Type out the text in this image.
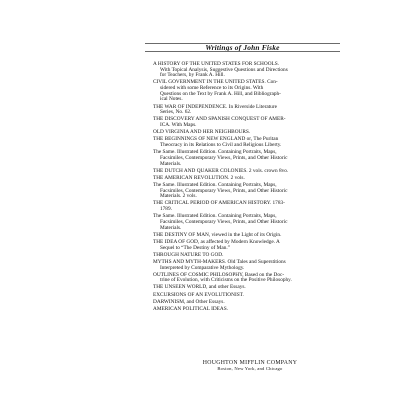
Writings of John Fiske
A HISTORY OF THE UNITED STATES FOR SCHOOLS.
With Topical Analysis, Suggestive Questions and Directions
for Teachers, by Frank A. Hill.
CIVIL GOVERNMENT IN THE UNITED STATES. Con-
sidered with some Reference to its Origins. With
Questions on the Text by Frank A. Hill, and Bibliograph-
ical Notes.
THE WAR OF INDEPENDENCE. In Riverside Literature
Series, No. 62.
THE DISCOVERY AND SPANISH CONQUEST OF AMER-
ICA. With Maps.
OLD VIRGINIA AND HER NEIGHBOURS.
THE BEGINNINGS OF NEW ENGLAND or, The Puritan
Theocracy in its Relations to Civil and Religious Liberty.
The Same. Illustrated Edition. Containing Portraits, Maps,
Facsimiles, Contemporary Views, Prints, and Other Historic
Materials.
THE DUTCH AND QUAKER COLONIES. 2 vols. crown 8vo.
THE AMERICAN REVOLUTION. 2 vols.
The Same. Illustrated Edition. Containing Portraits, Maps,
Facsimiles, Contemporary Views, Prints, and Other Historic
Materials. 2 vols.
THE CRITICAL PERIOD OF AMERICAN HISTORY. 1783-
1789.
The Same. Illustrated Edition. Containing Portraits, Maps,
Facsimiles, Contemporary Views, Prints, and Other Historic
Materials.
THE DESTINY OF MAN, viewed in the Light of its Origin.
THE IDEA OF GOD, as affected by Modern Knowledge. A
Sequel to “The Destiny of Man.”
THROUGH NATURE TO GOD.
MYTHS AND MYTH-MAKERS. Old Tales and Superstitions
Interpreted by Comparative Mythology.
OUTLINES OF COSMIC PHILOSOPHY, Based on the Doc-
trine of Evolution, with Criticisms on the Positive Philosophy.
THE UNSEEN WORLD, and other Essays.
EXCURSIONS OF AN EVOLUTIONIST.
DARWINISM, and Other Essays.
AMERICAN POLITICAL IDEAS.
HOUGHTON MIFFLIN COMPANY
Boston, New York, and Chicago
